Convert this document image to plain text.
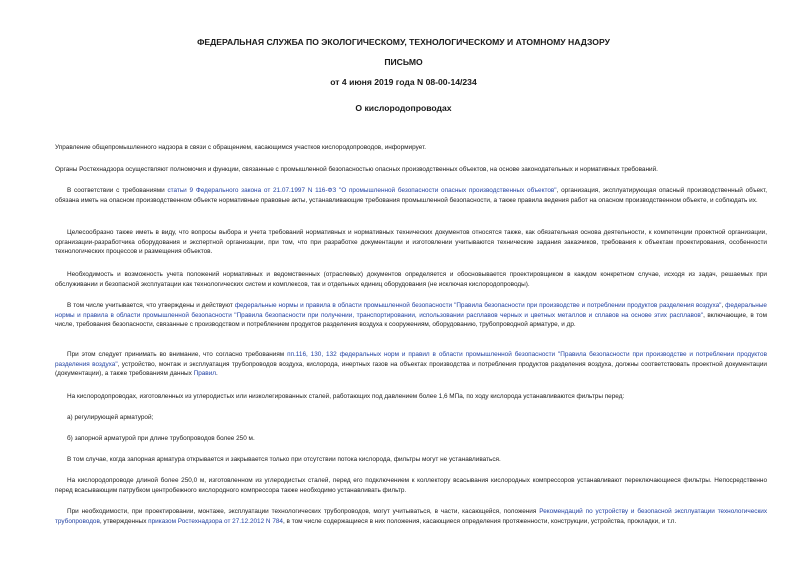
ФЕДЕРАЛЬНАЯ СЛУЖБА ПО ЭКОЛОГИЧЕСКОМУ, ТЕХНОЛОГИЧЕСКОМУ И АТОМНОМУ НАДЗОРУ
ПИСЬМО
от 4 июня 2019 года N 08-00-14/234
О кислородопроводах
Управление общепромышленного надзора в связи с обращением, касающимся участков кислородопроводов, информирует.
Органы Ростехнадзора осуществляют полномочия и функции, связанные с промышленной безопасностью опасных производственных объектов, на основе законодательных и нормативных требований.
В соответствии с требованиями статьи 9 Федерального закона от 21.07.1997 N 116-ФЗ "О промышленной безопасности опасных производственных объектов", организация, эксплуатирующая опасный производственный объект, обязана иметь на опасном производственном объекте нормативные правовые акты, устанавливающие требования промышленной безопасности, а также правила ведения работ на опасном производственном объекте, и соблюдать их.
Целесообразно также иметь в виду, что вопросы выбора и учета требований нормативных и нормативных технических документов относятся также, как обязательная основа деятельности, к компетенции проектной организации, организации-разработчика оборудования и экспертной организации, при том, что при разработке документации и изготовлении учитываются технические задания заказчиков, требования к объектам проектирования, особенности технологических процессов и размещения объектов.
Необходимость и возможность учета положений нормативных и ведомственных (отраслевых) документов определяется и обосновывается проектировщиком в каждом конкретном случае, исходя из задач, решаемых при обслуживании и безопасной эксплуатации как технологических систем и комплексов, так и отдельных единиц оборудования (не исключая кислородопроводы).
В том числе учитывается, что утверждены и действуют федеральные нормы и правила в области промышленной безопасности "Правила безопасности при производстве и потреблении продуктов разделения воздуха", федеральные нормы и правила в области промышленной безопасности "Правила безопасности при получении, транспортировании, использовании расплавов черных и цветных металлов и сплавов на основе этих расплавов", включающие, в том числе, требования безопасности, связанные с производством и потреблением продуктов разделения воздуха к сооружениям, оборудованию, трубопроводной арматуре, и др.
При этом следует принимать во внимание, что согласно требованиям пп.116, 130, 132 федеральных норм и правил в области промышленной безопасности "Правила безопасности при производстве и потреблении продуктов разделения воздуха", устройство, монтаж и эксплуатация трубопроводов воздуха, кислорода, инертных газов на объектах производства и потребления продуктов разделения воздуха, должны соответствовать проектной документации (документации), а также требованиям данных Правил.
На кислородопроводах, изготовленных из углеродистых или низколегированных сталей, работающих под давлением более 1,6 МПа, по ходу кислорода устанавливаются фильтры перед:
а) регулирующей арматурой;
б) запорной арматурой при длине трубопроводов более 250 м.
В том случае, когда запорная арматура открывается и закрывается только при отсутствии потока кислорода, фильтры могут не устанавливаться.
На кислородопроводе длиной более 250,0 м, изготовленном из углеродистых сталей, перед его подключением к коллектору всасывания кислородных компрессоров устанавливают переключающиеся фильтры. Непосредственно перед всасывающим патрубком центробежного кислородного компрессора также необходимо устанавливать фильтр.
При необходимости, при проектировании, монтаже, эксплуатации технологических трубопроводов, могут учитываться, в части, касающейся, положения Рекомендаций по устройству и безопасной эксплуатации технологических трубопроводов, утвержденных приказом Ростехнадзора от 27.12.2012 N 784, в том числе содержащиеся в них положения, касающиеся определения протяженности, конструкции, устройства, прокладки, и т.п.
